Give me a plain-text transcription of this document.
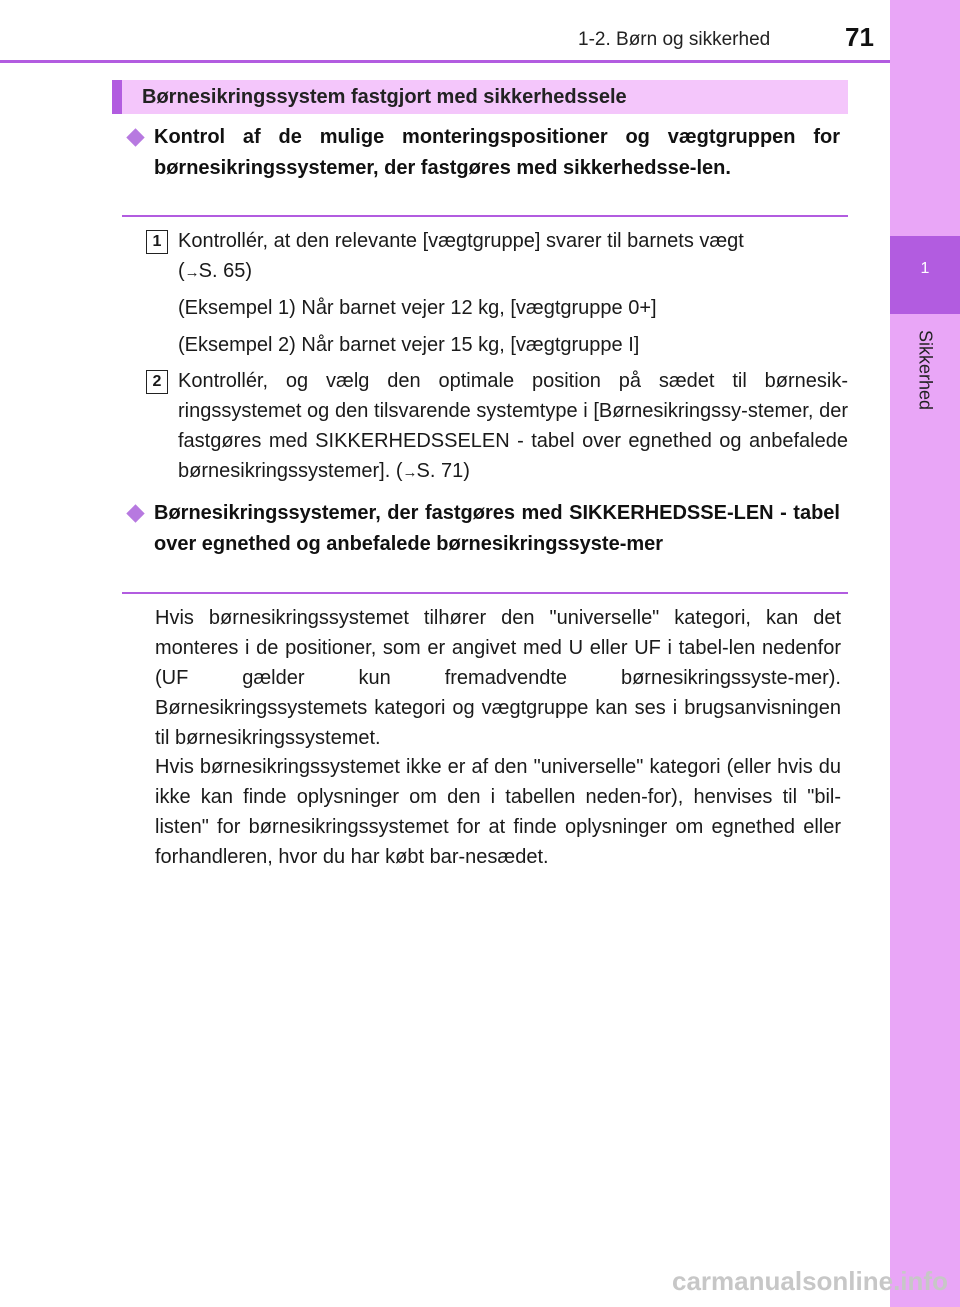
1-2. Børn og sikkerhed	71
1
Sikkerhed
Børnesikringssystem fastgjort med sikkerhedssele
Kontrol af de mulige monteringspositioner og vægtgruppen for børnesikringssystemer, der fastgøres med sikkerhedsse-len.
1 Kontrollér, at den relevante [vægtgruppe] svarer til barnets vægt
(→S. 65)
(Eksempel 1) Når barnet vejer 12 kg, [vægtgruppe 0+]
(Eksempel 2) Når barnet vejer 15 kg, [vægtgruppe I]
2 Kontrollér, og vælg den optimale position på sædet til børnesik-ringssystemet og den tilsvarende systemtype i [Børnesikringssy-stemer, der fastgøres med SIKKERHEDSSELEN - tabel over egnethed og anbefalede børnesikringssystemer]. (→S. 71)
Børnesikringssystemer, der fastgøres med SIKKERHEDSSE-LEN - tabel over egnethed og anbefalede børnesikringssyste-mer
Hvis børnesikringssystemet tilhører den "universelle" kategori, kan det monteres i de positioner, som er angivet med U eller UF i tabel-len nedenfor (UF gælder kun fremadvendte børnesikringssyste-mer). Børnesikringssystemets kategori og vægtgruppe kan ses i brugsanvisningen til børnesikringssystemet.
Hvis børnesikringssystemet ikke er af den "universelle" kategori (eller hvis du ikke kan finde oplysninger om den i tabellen neden-for), henvises til "bil-listen" for børnesikringssystemet for at finde oplysninger om egnethed eller forhandleren, hvor du har købt bar-nesædet.
carmanualsonline.info
